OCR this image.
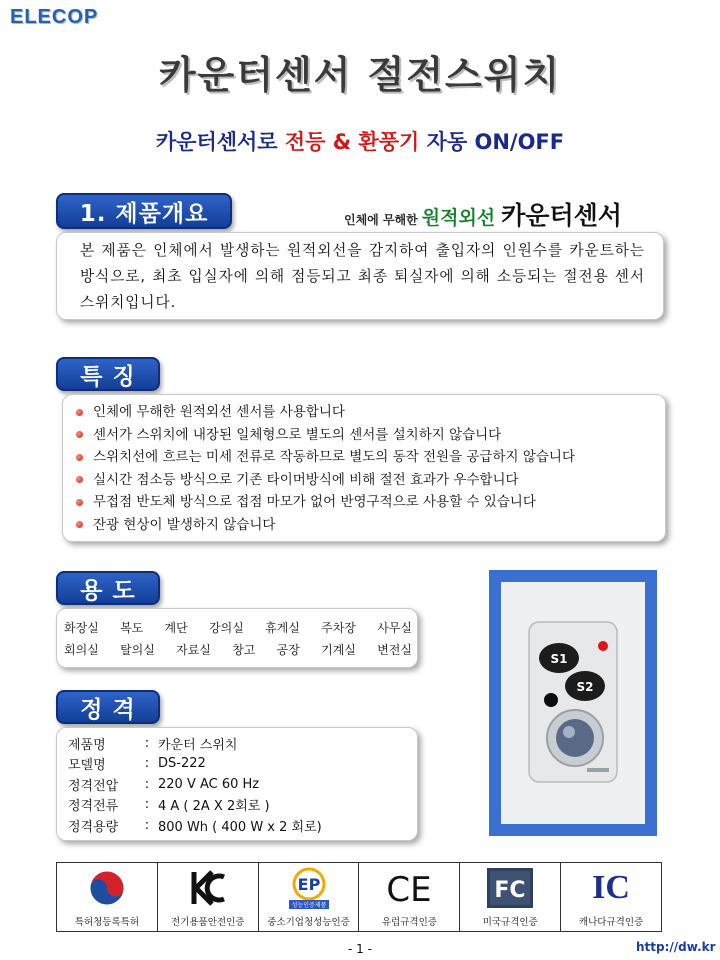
ELECOP
카운터센서 절전스위치
카운터센서로 전등 & 환풍기 자동 ON/OFF
1. 제품개요	인체에 무해한 원적외선 카운터센서
본 제품은 인체에서 발생하는 원적외선을 감지하여 출입자의 인원수를 카운트하는 방식으로, 최초 입실자에 의해 점등되고 최종 퇴실자에 의해 소등되는 절전용 센서 스위치입니다.
특 징
인체에 무해한 원적외선 센서를 사용합니다
센서가 스위치에 내장된 일체형으로 별도의 센서를 설치하지 않습니다
스위치선에 흐르는 미세 전류로 작동하므로 별도의 동작 전원을 공급하지 않습니다
실시간 점소등 방식으로 기존 타이머방식에 비해 절전 효과가 우수합니다
무접점 반도체 방식으로 접점 마모가 없어 반영구적으로 사용할 수 있습니다
잔광 현상이 발생하지 않습니다
용 도
화장실 복도 계단 강의실 휴게실 주차장 사무실
회의실 탈의실 자료실 창고 공장 기계실 변전실
정 격
제품명	:	카운터 스위치
모델명	:	DS-222
정격전압	:	220 V AC 60 Hz
정격전류	:	4 A ( 2A X 2회로 )
정격용량	:	800 Wh ( 400 W x 2 회로)
S1
S2
특허청등록특허	전기용품안전인증

EP
성능인증제품
중소기업청성능인증

CE
유럽규격인증

FC
미국규격인증

IC
캐나다규격인증
- 1 -	http://dw.kr
